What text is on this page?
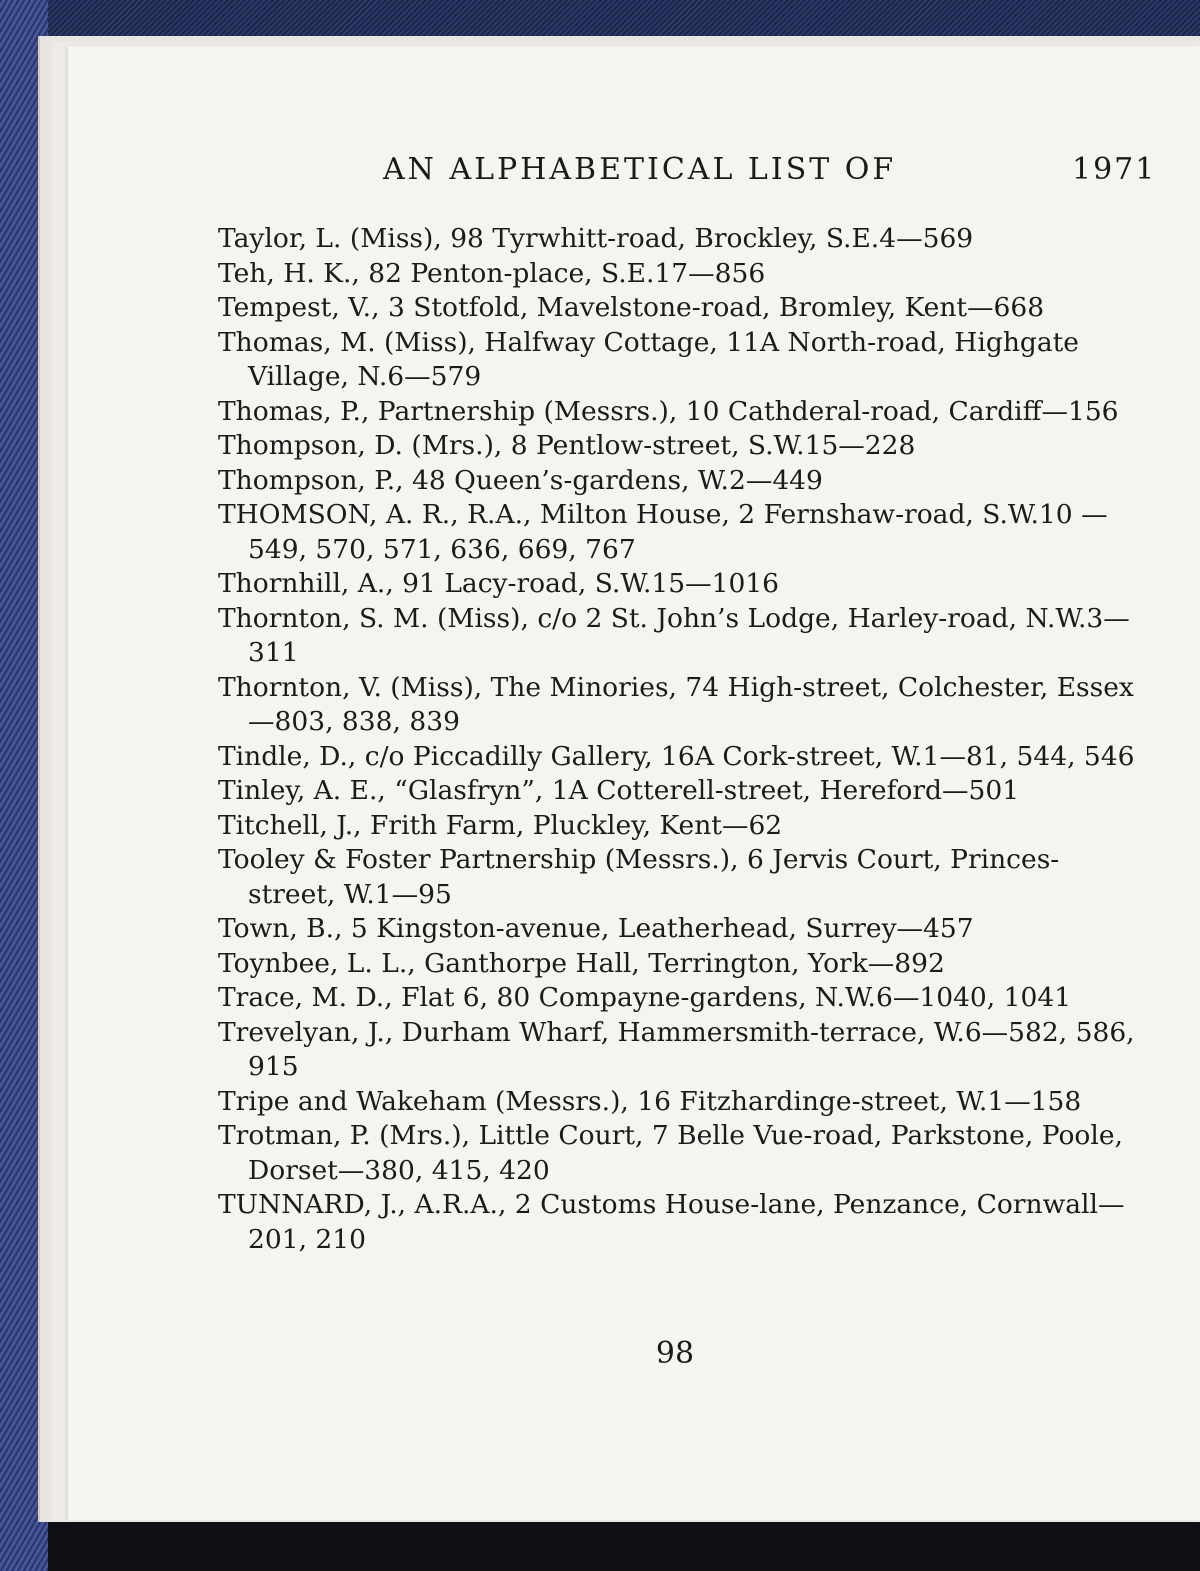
AN ALPHABETICAL LIST OF	1971
Taylor, L. (Miss), 98 Tyrwhitt-road, Brockley, S.E.4—569
Teh, H. K., 82 Penton-place, S.E.17—856
Tempest, V., 3 Stotfold, Mavelstone-road, Bromley, Kent—668
Thomas, M. (Miss), Halfway Cottage, 11A North-road, Highgate Village, N.6—579
Thomas, P., Partnership (Messrs.), 10 Cathderal-road, Cardiff—156
Thompson, D. (Mrs.), 8 Pentlow-street, S.W.15—228
Thompson, P., 48 Queen’s-gardens, W.2—449
THOMSON, A. R., R.A., Milton House, 2 Fernshaw-road, S.W.10 —549, 570, 571, 636, 669, 767
Thornhill, A., 91 Lacy-road, S.W.15—1016
Thornton, S. M. (Miss), c/o 2 St. John’s Lodge, Harley-road, N.W.3—311
Thornton, V. (Miss), The Minories, 74 High-street, Colchester, Essex—803, 838, 839
Tindle, D., c/o Piccadilly Gallery, 16A Cork-street, W.1—81, 544, 546
Tinley, A. E., “Glasfryn”, 1A Cotterell-street, Hereford—501
Titchell, J., Frith Farm, Pluckley, Kent—62
Tooley & Foster Partnership (Messrs.), 6 Jervis Court, Princes-street, W.1—95
Town, B., 5 Kingston-avenue, Leatherhead, Surrey—457
Toynbee, L. L., Ganthorpe Hall, Terrington, York—892
Trace, M. D., Flat 6, 80 Compayne-gardens, N.W.6—1040, 1041
Trevelyan, J., Durham Wharf, Hammersmith-terrace, W.6—582, 586, 915
Tripe and Wakeham (Messrs.), 16 Fitzhardinge-street, W.1—158
Trotman, P. (Mrs.), Little Court, 7 Belle Vue-road, Parkstone, Poole, Dorset—380, 415, 420
TUNNARD, J., A.R.A., 2 Customs House-lane, Penzance, Cornwall—201, 210
98
